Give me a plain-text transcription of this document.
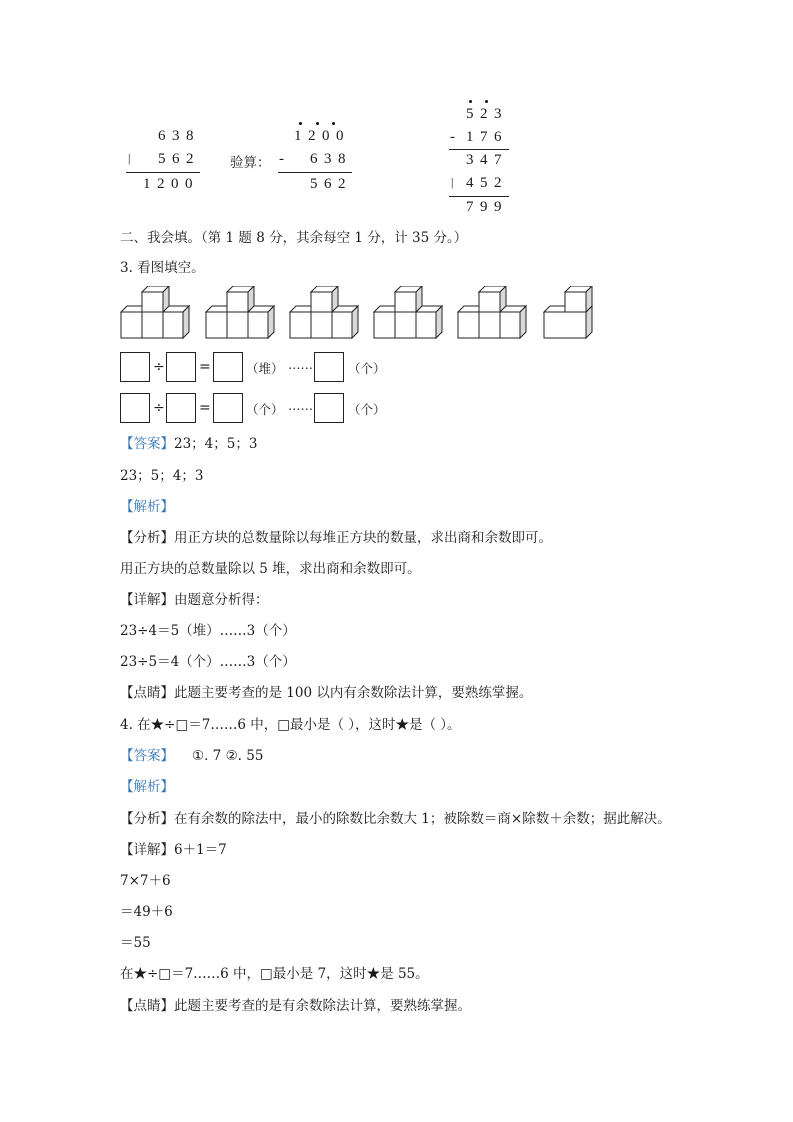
638
| 562
1200
验算：
1200
- 638
562
523
- 176
347
| 452
799
二、我会填。（第 1 题 8 分，其余每空 1 分，计 35 分。）
3. 看图填空。
÷ =	（堆） ……	（个）
÷ =	（个） ……	（个）
【答案】23；4；5；3
23；5；4；3
【解析】
【分析】用正方块的总数量除以每堆正方块的数量，求出商和余数即可。
用正方块的总数量除以 5 堆，求出商和余数即可。
【详解】由题意分析得：
23÷4＝5（堆）……3（个）
23÷5＝4（个）……3（个）
【点睛】此题主要考查的是 100 以内有余数除法计算，要熟练掌握。
4. 在★÷□＝7……6 中，□最小是（ ），这时★是（ ）。
【答案】 ①. 7 ②. 55
【解析】
【分析】在有余数的除法中，最小的除数比余数大 1；被除数＝商×除数＋余数；据此解决。
【详解】6＋1＝7
7×7＋6
＝49＋6
＝55
在★÷□＝7……6 中，□最小是 7，这时★是 55。
【点睛】此题主要考查的是有余数除法计算，要熟练掌握。
